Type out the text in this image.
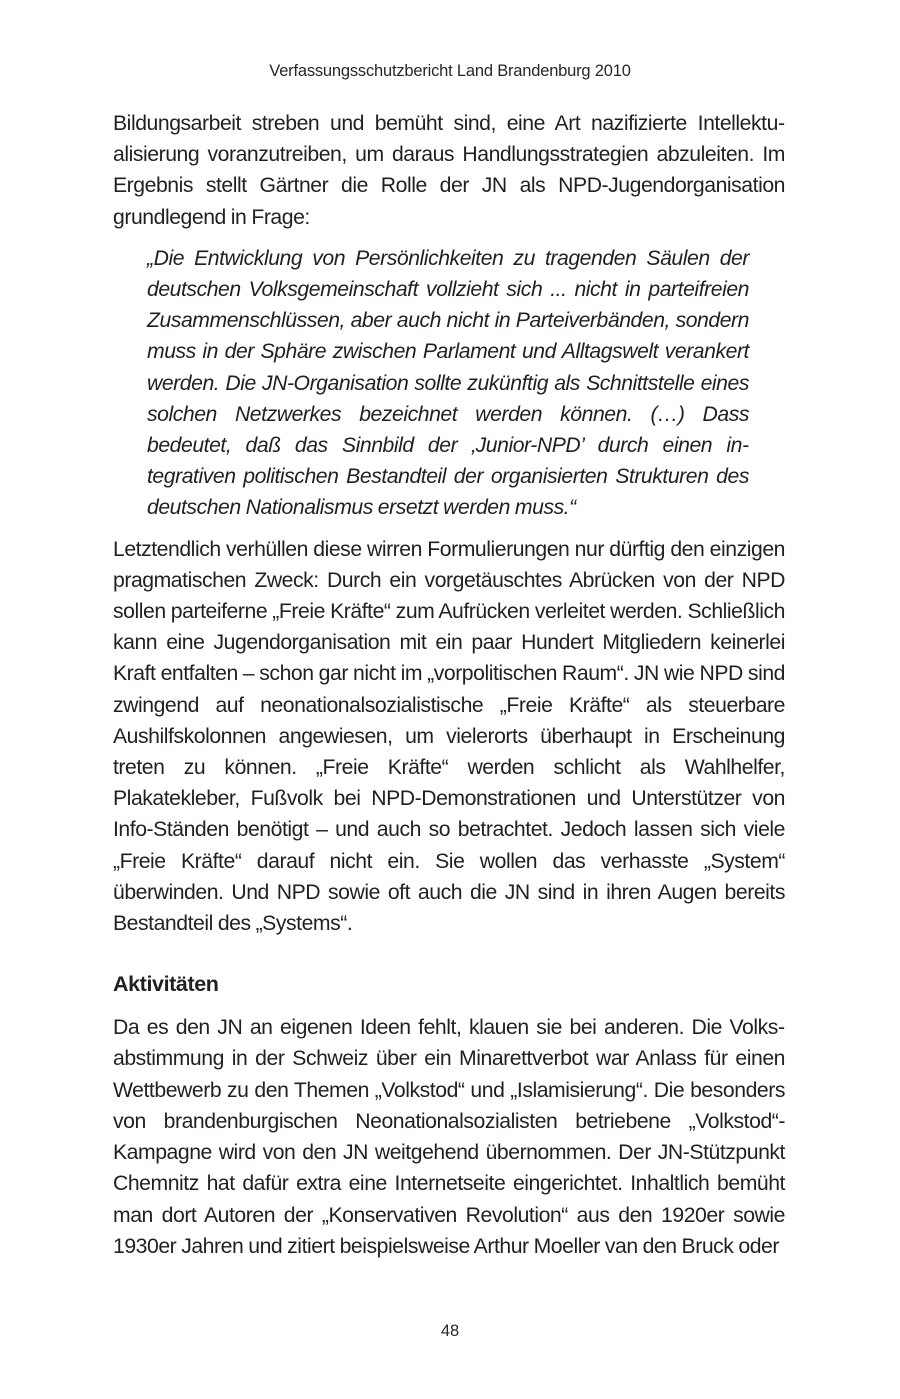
Verfassungsschutzbericht Land Brandenburg 2010

Bildungsarbeit streben und bemüht sind, eine Art nazifizierte Intellektualisierung voranzutreiben, um daraus Handlungsstrategien abzuleiten. Im Ergebnis stellt Gärtner die Rolle der JN als NPD-Jugendorganisation grundlegend in Frage:

„Die Entwicklung von Persönlichkeiten zu tragenden Säulen der deutschen Volksgemeinschaft vollzieht sich ... nicht in parteifreien Zusammenschlüssen, aber auch nicht in Parteiverbänden, sondern muss in der Sphäre zwischen Parlament und Alltagswelt verankert werden. Die JN-Organisation sollte zukünftig als Schnittstelle eines solchen Netzwerkes bezeichnet werden können. (…) Dass bedeutet, daß das Sinnbild der ‚Junior-NPD’ durch einen integrativen politischen Bestandteil der organisierten Strukturen des deutschen Nationalismus ersetzt werden muss.“

Letztendlich verhüllen diese wirren Formulierungen nur dürftig den einzigen pragmatischen Zweck: Durch ein vorgetäuschtes Abrücken von der NPD sollen parteiferne „Freie Kräfte“ zum Aufrücken verleitet werden. Schließlich kann eine Jugendorganisation mit ein paar Hundert Mitgliedern keinerlei Kraft entfalten – schon gar nicht im „vorpolitischen Raum“. JN wie NPD sind zwingend auf neonationalsozialistische „Freie Kräfte“ als steuerbare Aushilfskolonnen angewiesen, um vielerorts überhaupt in Erscheinung treten zu können. „Freie Kräfte“ werden schlicht als Wahlhelfer, Plakatekleber, Fußvolk bei NPD-Demonstrationen und Unterstützer von Info-Ständen benötigt – und auch so betrachtet. Jedoch lassen sich viele „Freie Kräfte“ darauf nicht ein. Sie wollen das verhasste „System“ überwinden. Und NPD sowie oft auch die JN sind in ihren Augen bereits Bestandteil des „Systems“.

Aktivitäten

Da es den JN an eigenen Ideen fehlt, klauen sie bei anderen. Die Volksabstimmung in der Schweiz über ein Minarettverbot war Anlass für einen Wettbewerb zu den Themen „Volkstod“ und „Islamisierung“. Die besonders von brandenburgischen Neonationalsozialisten betriebene „Volkstod“-Kampagne wird von den JN weitgehend übernommen. Der JN-Stützpunkt Chemnitz hat dafür extra eine Internetseite eingerichtet. Inhaltlich bemüht man dort Autoren der „Konservativen Revolution“ aus den 1920er sowie 1930er Jahren und zitiert beispielsweise Arthur Moeller van den Bruck oder

48
